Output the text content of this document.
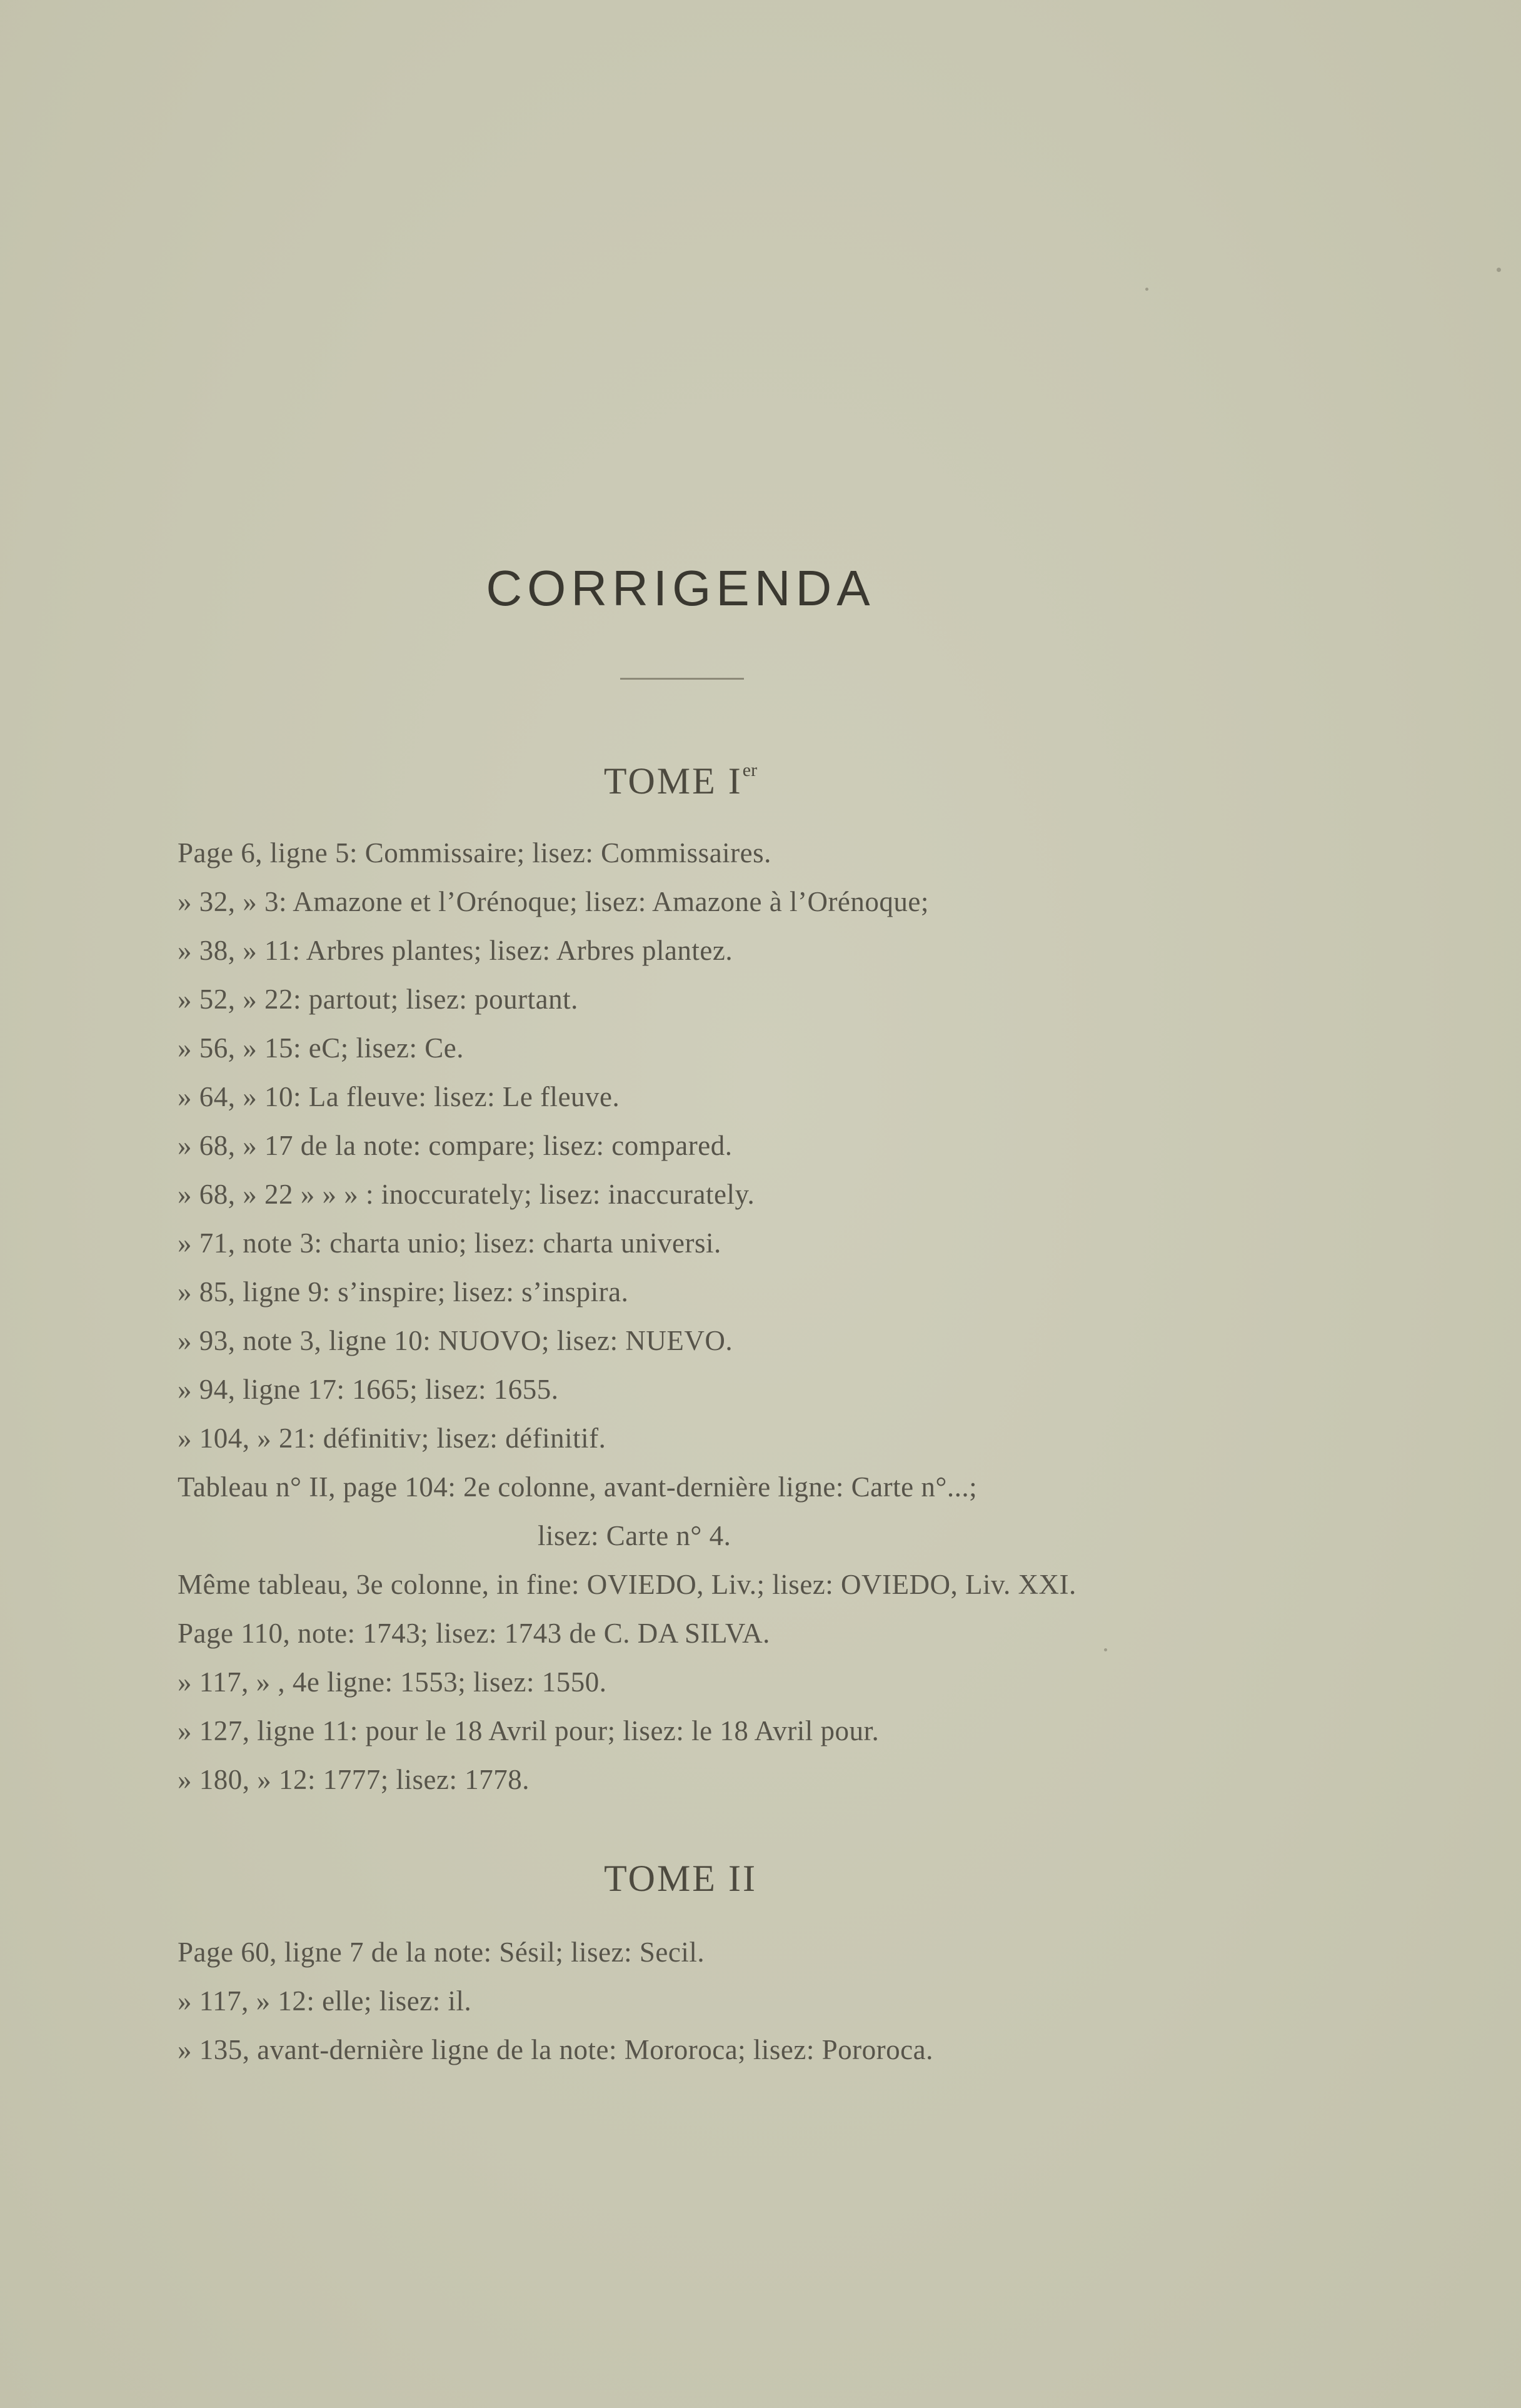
CORRIGENDA
TOME Ier
Page 6, ligne 5: Commissaire; lisez: Commissaires.
» 32, » 3: Amazone et l’Orénoque; lisez: Amazone à l’Orénoque;
» 38, » 11: Arbres plantes; lisez: Arbres plantez.
» 52, » 22: partout; lisez: pourtant.
» 56, » 15: eC; lisez: Ce.
» 64, » 10: La fleuve: lisez: Le fleuve.
» 68, » 17 de la note: compare; lisez: compared.
» 68, » 22 » » » : inoccurately; lisez: inaccurately.
» 71, note 3: charta unio; lisez: charta universi.
» 85, ligne 9: s’inspire; lisez: s’inspira.
» 93, note 3, ligne 10: NUOVO; lisez: NUEVO.
» 94, ligne 17: 1665; lisez: 1655.
» 104, » 21: définitiv; lisez: définitif.
Tableau n° II, page 104: 2e colonne, avant-dernière ligne: Carte n°...;
lisez: Carte n° 4.
Même tableau, 3e colonne, in fine: OVIEDO, Liv.; lisez: OVIEDO, Liv. XXI.
Page 110, note: 1743; lisez: 1743 de C. DA SILVA.
» 117, » , 4e ligne: 1553; lisez: 1550.
» 127, ligne 11: pour le 18 Avril pour; lisez: le 18 Avril pour.
» 180, » 12: 1777; lisez: 1778.
TOME II
Page 60, ligne 7 de la note: Sésil; lisez: Secil.
» 117, » 12: elle; lisez: il.
» 135, avant-dernière ligne de la note: Mororoca; lisez: Pororoca.
